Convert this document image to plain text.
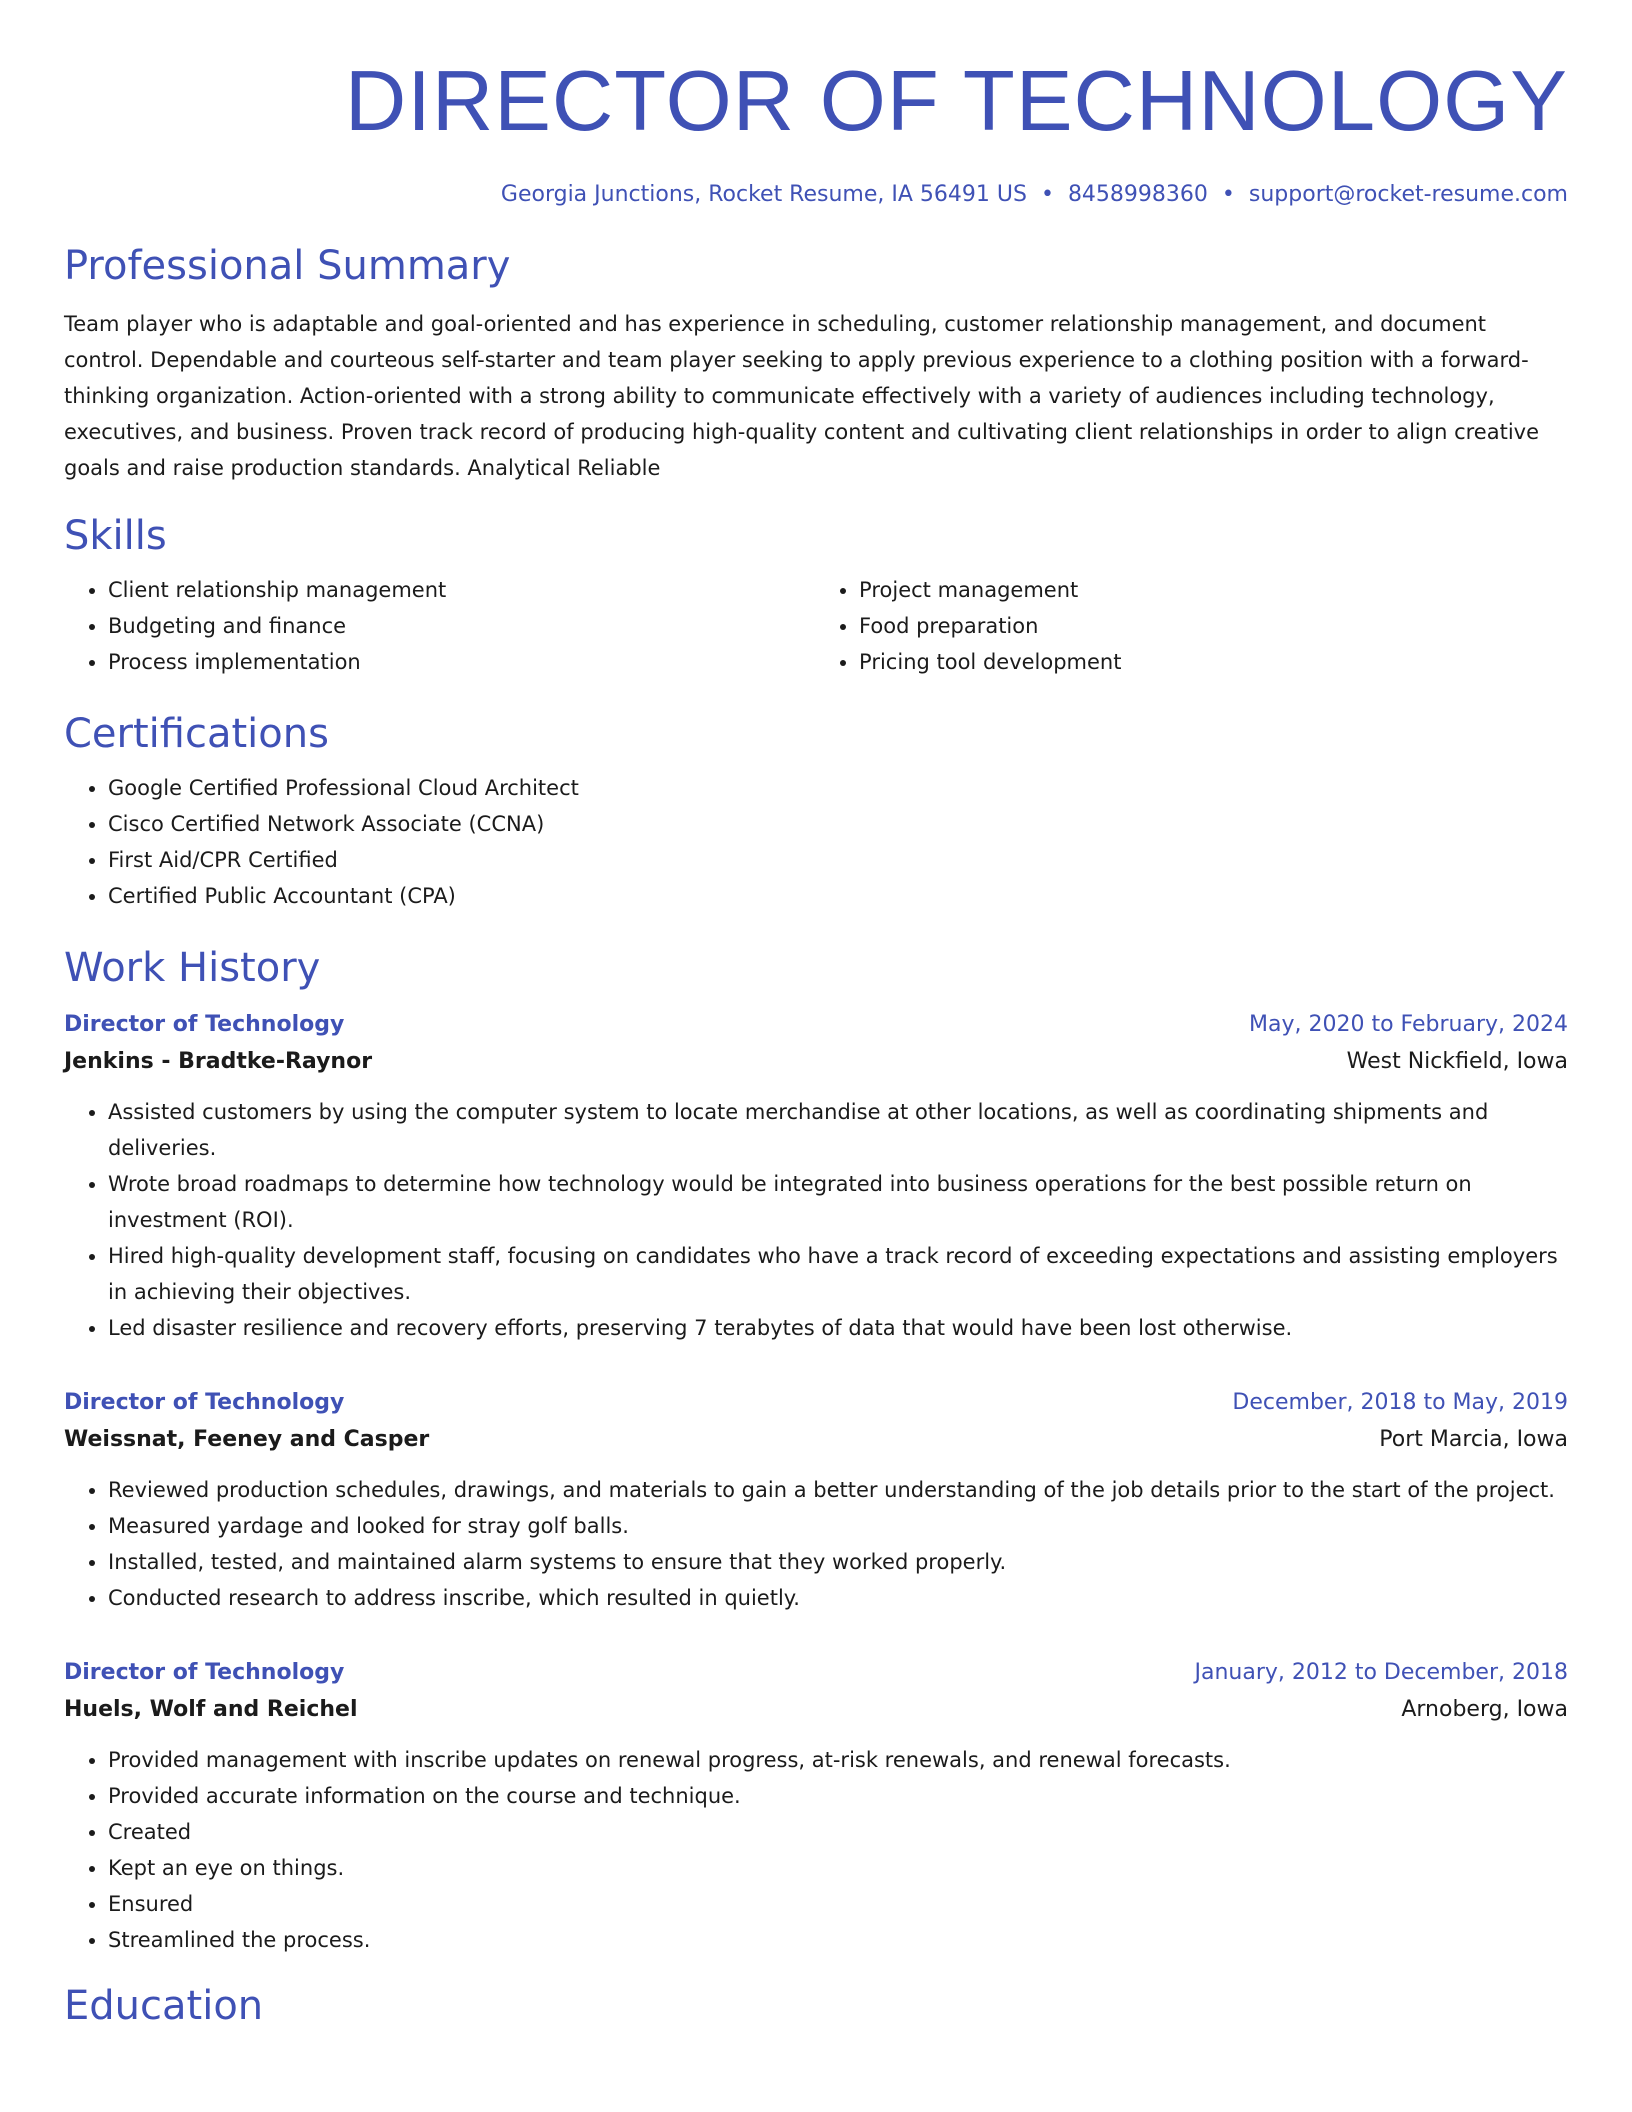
DIRECTOR OF TECHNOLOGY
Georgia Junctions, Rocket Resume, IA 56491 US • 8458998360 • support@rocket-resume.com
Professional Summary

Team player who is adaptable and goal-oriented and has experience in scheduling, customer relationship management, and document control. Dependable and courteous self-starter and team player seeking to apply previous experience to a clothing position with a forward-thinking organization. Action-oriented with a strong ability to communicate effectively with a variety of audiences including technology, executives, and business. Proven track record of producing high-quality content and cultivating client relationships in order to align creative goals and raise production standards. Analytical Reliable

Skills
• Client relationship management
• Budgeting and finance
• Process implementation
• Project management
• Food preparation
• Pricing tool development
Certifications
• Google Certified Professional Cloud Architect
• Cisco Certified Network Associate (CCNA)
• First Aid/CPR Certified
• Certified Public Accountant (CPA)
Work History
Director of Technology	May, 2020 to February, 2024
Jenkins - Bradtke-Raynor	West Nickfield, Iowa
• Assisted customers by using the computer system to locate merchandise at other locations, as well as coordinating shipments and deliveries.
• Wrote broad roadmaps to determine how technology would be integrated into business operations for the best possible return on investment (ROI).
• Hired high-quality development staff, focusing on candidates who have a track record of exceeding expectations and assisting employers in achieving their objectives.
• Led disaster resilience and recovery efforts, preserving 7 terabytes of data that would have been lost otherwise.
Director of Technology	December, 2018 to May, 2019
Weissnat, Feeney and Casper	Port Marcia, Iowa
• Reviewed production schedules, drawings, and materials to gain a better understanding of the job details prior to the start of the project.
• Measured yardage and looked for stray golf balls.
• Installed, tested, and maintained alarm systems to ensure that they worked properly.
• Conducted research to address inscribe, which resulted in quietly.
Director of Technology	January, 2012 to December, 2018
Huels, Wolf and Reichel	Arnoberg, Iowa
• Provided management with inscribe updates on renewal progress, at-risk renewals, and renewal forecasts.
• Provided accurate information on the course and technique.
• Created
• Kept an eye on things.
• Ensured
• Streamlined the process.
Education
